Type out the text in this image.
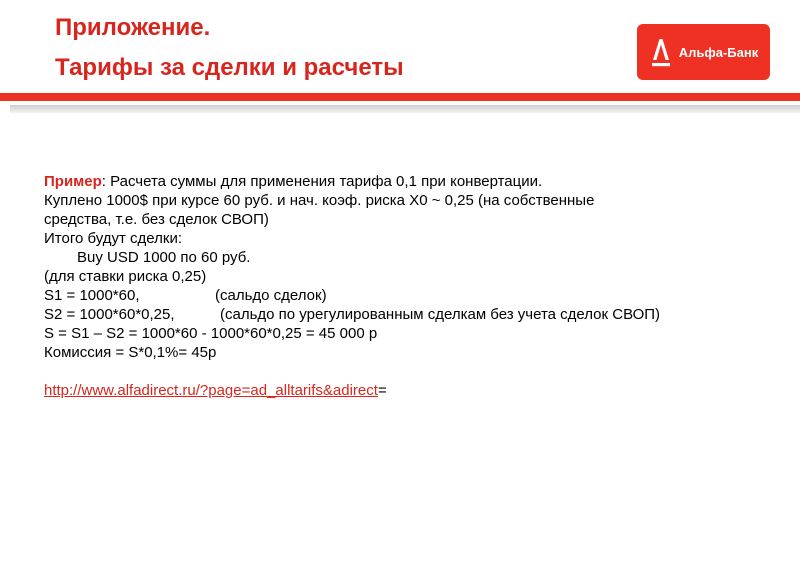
Приложение.
Тарифы за сделки и расчеты
Альфа-Банк
Пример: Расчета суммы для применения тарифа 0,1 при конвертации.
Куплено 1000$ при курсе 60 руб. и нач. коэф. риска Х0 ~ 0,25 (на собственные
средства, т.е. без сделок СВОП)
Итого будут сделки:
Buy USD 1000 по 60 руб.
(для ставки риска 0,25)
S1 = 1000*60,	(сальдо сделок)
S2 = 1000*60*0,25,	(сальдо по урегулированным сделкам без учета сделок СВОП)
S = S1 – S2 = 1000*60 - 1000*60*0,25 = 45 000 р
Комиссия = S*0,1%= 45р
http://www.alfadirect.ru/?page=ad_alltarifs&adirect=
